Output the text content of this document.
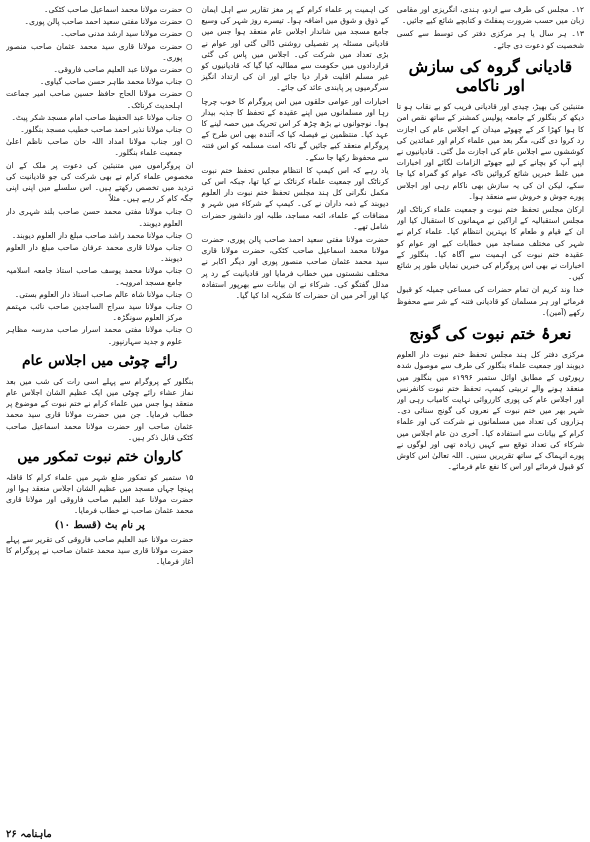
۱۲۔ مجلس کی طرف سے اردو، ہندی، انگریزی اور مقامی زبان میں حسب ضرورت پمفلٹ و کتابچے شائع کیے جائیں۔

۱۳۔ ہر سال یا ہر مرکزی دفتر کی توسط سے کسی شخصیت کو دعوت دی جائے۔

قادیانی گروہ کی سازش اور ناکامی

متنبئین کی بھیڑ، چیدی اور قادیانی فریب کو بے نقاب ہو تا دیکھ کر بنگلور کے جامعہ پولیس کمشنر کے ساتھ نقص امن کا ہوا کھڑا کر کے چھوٹے میدان کے اجلاس عام کی اجازت رد کروا دی گئی، مگر بعد میں علماء کرام اور عمائدین کی کوششوں سے اجلاس عام کی اجازت مل گئی۔ قادیانیوں نے اپنے آپ کو بچانے کے لیے جھوٹے الزامات لگائے اور اخبارات میں غلط خبریں شائع کروائیں تاکہ عوام کو گمراہ کیا جا سکے، لیکن ان کی یہ سازش بھی ناکام رہی اور اجلاس پورے جوش و خروش سے منعقد ہوا۔

ارکان مجلس تحفظ ختم نبوت و جمعیت علماء کرناٹک اور مجلس استقبالیہ کے اراکین نے مہمانوں کا استقبال کیا اور ان کے قیام و طعام کا بہترین انتظام کیا۔ علماء کرام نے شہر کی مختلف مساجد میں خطابات کیے اور عوام کو عقیدہ ختم نبوت کی اہمیت سے آگاہ کیا۔ بنگلور کے اخبارات نے بھی اس پروگرام کی خبریں نمایاں طور پر شائع کیں۔

خدا وند کریم ان تمام حضرات کی مساعی جمیلہ کو قبول فرمائے اور ہر مسلمان کو قادیانی فتنہ کے شر سے محفوظ رکھے (آمین)۔

نعرۂ ختم نبوت کی گونج

مرکزی دفتر کل ہند مجلس تحفظ ختم نبوت دار العلوم دیوبند اور جمعیت علماء بنگلور کی طرف سے موصول شدہ رپورٹوں کے مطابق اوائل ستمبر ۱۹۹۶ء میں بنگلور میں منعقد ہونے والے تربیتی کیمپ، تحفظ ختم نبوت کانفرنس اور اجلاس عام کی پوری کارروائی نہایت کامیاب رہی اور شہر بھر میں ختم نبوت کے نعروں کی گونج سنائی دی۔ ہزاروں کی تعداد میں مسلمانوں نے شرکت کی اور علماء کرام کے بیانات سے استفادہ کیا۔ آخری دن عام اجلاس میں شرکاء کی تعداد توقع سے کہیں زیادہ تھی اور لوگوں نے پورے انہماک کے ساتھ تقریریں سنیں۔ اللہ تعالیٰ اس کاوش کو قبول فرمائے اور اس کا نفع عام فرمائے۔

کی اہمیت پر علماء کرام کے پر مغز تقاریر سے اہل ایمان کے ذوق و شوق میں اضافہ ہوا۔ تیسرے روز شہر کی وسیع جامع مسجد میں شاندار اجلاس عام منعقد ہوا جس میں قادیانی مسئلہ پر تفصیلی روشنی ڈالی گئی اور عوام نے بڑی تعداد میں شرکت کی۔ اجلاس میں پاس کی گئی قراردادوں میں حکومت سے مطالبہ کیا گیا کہ قادیانیوں کو غیر مسلم اقلیت قرار دیا جائے اور ان کی ارتداد انگیز سرگرمیوں پر پابندی عائد کی جائے۔

اخبارات اور عوامی حلقوں میں اس پروگرام کا خوب چرچا رہا اور مسلمانوں میں اپنے عقیدہ کے تحفظ کا جذبہ بیدار ہوا۔ نوجوانوں نے بڑھ چڑھ کر اس تحریک میں حصہ لینے کا عہد کیا۔ منتظمین نے فیصلہ کیا کہ آئندہ بھی اس طرح کے پروگرام منعقد کیے جائیں گے تاکہ امت مسلمہ کو اس فتنہ سے محفوظ رکھا جا سکے۔

یاد رہے کہ اس کیمپ کا انتظام مجلس تحفظ ختم نبوت کرناٹک اور جمعیت علماء کرناٹک نے کیا تھا، جبکہ اس کی مکمل نگرانی کل ہند مجلس تحفظ ختم نبوت دار العلوم دیوبند کے ذمہ داران نے کی۔ کیمپ کے شرکاء میں شہر و مضافات کے علماء، ائمہ مساجد، طلبہ اور دانشور حضرات شامل تھے۔

حضرت مولانا مفتی سعید احمد صاحب پالن پوری، حضرت مولانا محمد اسماعیل صاحب کٹکی، حضرت مولانا قاری سید محمد عثمان صاحب منصور پوری اور دیگر اکابر نے مختلف نشستوں میں خطاب فرمایا اور قادیانیت کے رد پر مدلل گفتگو کی۔ شرکاء نے ان بیانات سے بھرپور استفادہ کیا اور آخر میں ان حضرات کا شکریہ ادا کیا گیا۔

○
حضرت مولانا محمد اسماعیل صاحب کٹکی۔
○
حضرت مولانا مفتی سعید احمد صاحب پالن پوری۔
○
حضرت مولانا سید ارشد مدنی صاحب۔
○
حضرت مولانا قاری سید محمد عثمان صاحب منصور پوری۔
○
حضرت مولانا عبد العلیم صاحب فاروقی۔
○
جناب مولانا محمد طاہر حسن صاحب گیاوی۔
○
حضرت مولانا الحاج حافظ حسین صاحب امیر جماعت اہلحدیث کرناٹک۔
○
جناب مولانا عبد الحفیظ صاحب امام مسجد شکر پیٹ۔
○
جناب مولانا نذیر احمد صاحب خطیب مسجد بنگلور۔
○
اور جناب مولانا امداد اللہ خان صاحب ناظم اعلیٰ جمعیت علماء بنگلور۔

ان پروگراموں میں متنبئین کی دعوت پر ملک کے ان مخصوص علماء کرام نے بھی شرکت کی جو قادیانیت کی تردید میں تخصص رکھتے ہیں۔ اس سلسلے میں اپنی اپنی جگہ کام کر رہے ہیں۔ مثلاً

○
جناب مولانا مفتی محمد حسن صاحب بلند شہری دار العلوم دیوبند۔
○
جناب مولانا محمد راشد صاحب مبلغ دار العلوم دیوبند۔
○
جناب مولانا قاری محمد عرفان صاحب مبلغ دار العلوم دیوبند۔
○
جناب مولانا محمد یوسف صاحب استاذ جامعہ اسلامیہ جامع مسجد امروہہ۔
○
جناب مولانا شاہ عالم صاحب استاذ دار العلوم بستی۔
○
جناب مولانا سید سراج الساجدین صاحب نائب مہتمم مرکز العلوم سونگڑہ۔
○
جناب مولانا مفتی محمد اسرار صاحب مدرسہ مظاہر علوم و جدید سہارنپور۔
رائے چوٹی میں اجلاس عام

بنگلور کے پروگرام سے پہلے اسی رات کی شب میں بعد نماز عشاء رائے چوٹی میں ایک عظیم الشان اجلاس عام منعقد ہوا جس میں علماء کرام نے ختم نبوت کے موضوع پر خطاب فرمایا۔ جن میں حضرت مولانا قاری سید محمد عثمان صاحب اور حضرت مولانا محمد اسماعیل صاحب کٹکی قابل ذکر ہیں۔

کاروان ختم نبوت تمکور میں

۱۵ ستمبر کو تمکور ضلع شہر میں علماء کرام کا قافلہ پہنچا جہاں مسجد میں عظیم الشان اجلاس منعقد ہوا اور حضرت مولانا عبد العلیم صاحب فاروقی اور مولانا قاری محمد عثمان صاحب نے خطاب فرمایا۔

پر نام بٹ (قسط ۱۰)

حضرت مولانا عبد العلیم صاحب فاروقی کی تقریر سے پہلے حضرت مولانا قاری سید محمد عثمان صاحب نے پروگرام کا آغاز فرمایا۔

ماہنامہ ۲۶
